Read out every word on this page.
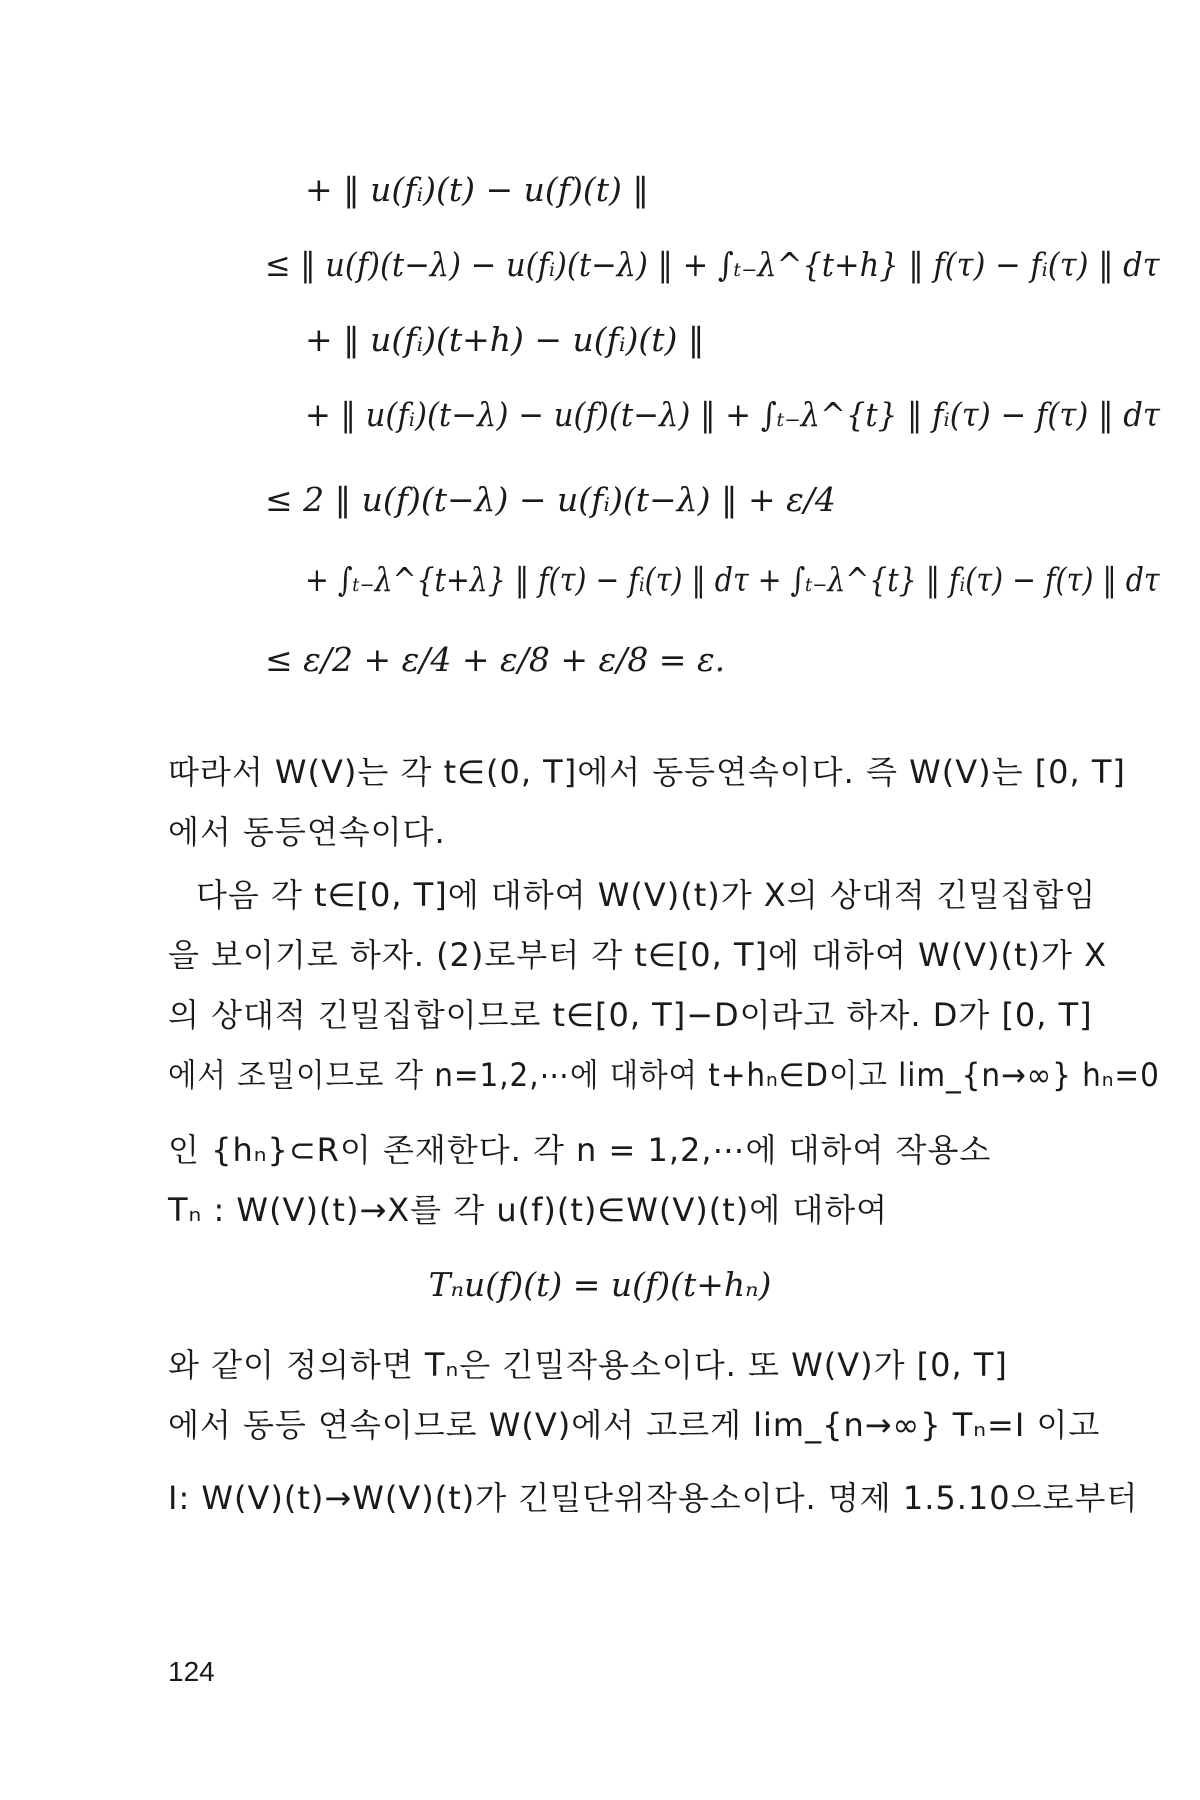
+ ‖ u(fᵢ)(t) − u(f)(t) ‖
≤ ‖ u(f)(t−λ) − u(fᵢ)(t−λ) ‖ + ∫ₜ₋λ^{t+h} ‖ f(τ) − fᵢ(τ) ‖ dτ
+ ‖ u(fᵢ)(t+h) − u(fᵢ)(t) ‖
+ ‖ u(fᵢ)(t−λ) − u(f)(t−λ) ‖ + ∫ₜ₋λ^{t} ‖ fᵢ(τ) − f(τ) ‖ dτ
≤ 2 ‖ u(f)(t−λ) − u(fᵢ)(t−λ) ‖ + ε/4
+ ∫ₜ₋λ^{t+λ} ‖ f(τ) − fᵢ(τ) ‖ dτ + ∫ₜ₋λ^{t} ‖ fᵢ(τ) − f(τ) ‖ dτ
≤ ε/2 + ε/4 + ε/8 + ε/8 = ε.
따라서 W(V)는 각 t∈(0, T]에서 동등연속이다. 즉 W(V)는 [0, T]
에서 동등연속이다.
다음 각 t∈[0, T]에 대하여 W(V)(t)가 X의 상대적 긴밀집합임
을 보이기로 하자. (2)로부터 각 t∈[0, T]에 대하여 W(V)(t)가 X
의 상대적 긴밀집합이므로 t∈[0, T]−D이라고 하자. D가 [0, T]
에서 조밀이므로 각 n=1,2,⋯에 대하여 t+hₙ∈D이고 lim_{n→∞} hₙ=0
인 {hₙ}⊂R이 존재한다. 각 n = 1,2,⋯에 대하여 작용소
Tₙ : W(V)(t)→X를 각 u(f)(t)∈W(V)(t)에 대하여
Tₙu(f)(t) = u(f)(t+hₙ)
와 같이 정의하면 Tₙ은 긴밀작용소이다. 또 W(V)가 [0, T]
에서 동등 연속이므로 W(V)에서 고르게 lim_{n→∞} Tₙ=I 이고
I: W(V)(t)→W(V)(t)가 긴밀단위작용소이다. 명제 1.5.10으로부터
124
